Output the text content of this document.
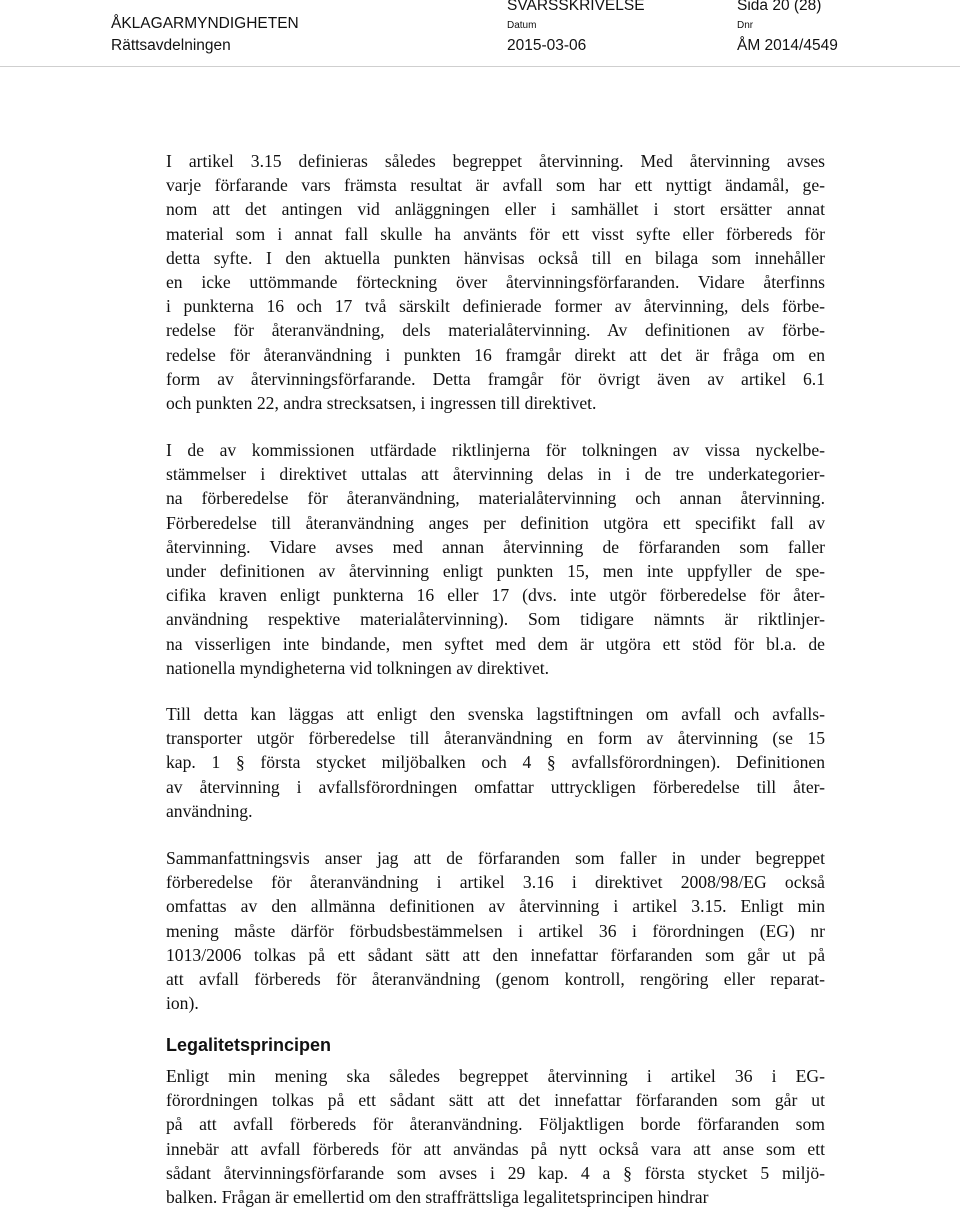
ÅKLAGARMYNDIGHETEN
Rättsavdelningen
SVARSSKRIVELSE	Sida 20 (28)
Datum
2015-03-06
Dnr
ÅM 2014/4549

I artikel 3.15 definieras således begreppet återvinning. Med återvinning avses
varje förfarande vars främsta resultat är avfall som har ett nyttigt ändamål, ge-
nom att det antingen vid anläggningen eller i samhället i stort ersätter annat
material som i annat fall skulle ha använts för ett visst syfte eller förbereds för
detta syfte. I den aktuella punkten hänvisas också till en bilaga som innehåller
en icke uttömmande förteckning över återvinningsförfaranden. Vidare återfinns
i punkterna 16 och 17 två särskilt definierade former av återvinning, dels förbe-
redelse för återanvändning, dels materialåtervinning. Av definitionen av förbe-
redelse för återanvändning i punkten 16 framgår direkt att det är fråga om en
form av återvinningsförfarande. Detta framgår för övrigt även av artikel 6.1
och punkten 22, andra strecksatsen, i ingressen till direktivet.

I de av kommissionen utfärdade riktlinjerna för tolkningen av vissa nyckelbe-
stämmelser i direktivet uttalas att återvinning delas in i de tre underkategorier-
na förberedelse för återanvändning, materialåtervinning och annan återvinning.
Förberedelse till återanvändning anges per definition utgöra ett specifikt fall av
återvinning. Vidare avses med annan återvinning de förfaranden som faller
under definitionen av återvinning enligt punkten 15, men inte uppfyller de spe-
cifika kraven enligt punkterna 16 eller 17 (dvs. inte utgör förberedelse för åter-
användning respektive materialåtervinning). Som tidigare nämnts är riktlinjer-
na visserligen inte bindande, men syftet med dem är utgöra ett stöd för bl.a. de
nationella myndigheterna vid tolkningen av direktivet.

Till detta kan läggas att enligt den svenska lagstiftningen om avfall och avfalls-
transporter utgör förberedelse till återanvändning en form av återvinning (se 15
kap. 1 § första stycket miljöbalken och 4 § avfallsförordningen). Definitionen
av återvinning i avfallsförordningen omfattar uttryckligen förberedelse till åter-
användning.

Sammanfattningsvis anser jag att de förfaranden som faller in under begreppet
förberedelse för återanvändning i artikel 3.16 i direktivet 2008/98/EG också
omfattas av den allmänna definitionen av återvinning i artikel 3.15. Enligt min
mening måste därför förbudsbestämmelsen i artikel 36 i förordningen (EG) nr
1013/2006 tolkas på ett sådant sätt att den innefattar förfaranden som går ut på
att avfall förbereds för återanvändning (genom kontroll, rengöring eller reparat-
ion).

Legalitetsprincipen

Enligt min mening ska således begreppet återvinning i artikel 36 i EG-
förordningen tolkas på ett sådant sätt att det innefattar förfaranden som går ut
på att avfall förbereds för återanvändning. Följaktligen borde förfaranden som
innebär att avfall förbereds för att användas på nytt också vara att anse som ett
sådant återvinningsförfarande som avses i 29 kap. 4 a § första stycket 5 miljö-
balken. Frågan är emellertid om den straffrättsliga legalitetsprincipen hindrar
